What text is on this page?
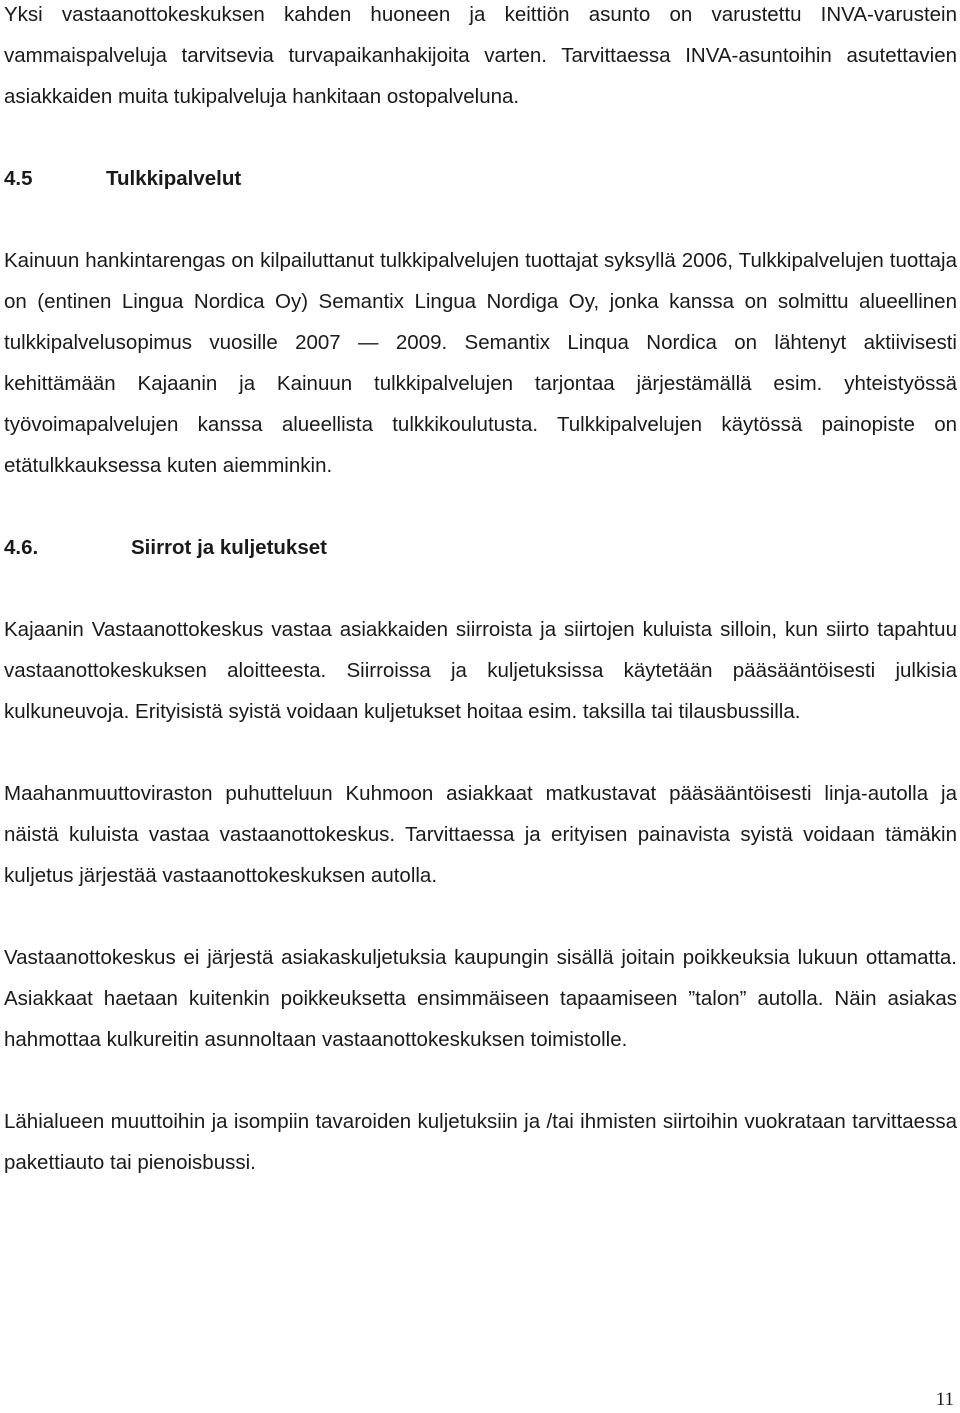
Yksi vastaanottokeskuksen kahden huoneen ja keittiön asunto on varustettu INVA-varustein vammaispalveluja tarvitsevia turvapaikanhakijoita varten. Tarvittaessa INVA-asuntoihin asutettavien asiakkaiden muita tukipalveluja hankitaan ostopalveluna.

4.5	Tulkkipalvelut

Kainuun hankintarengas on kilpailuttanut tulkkipalvelujen tuottajat syksyllä 2006, Tulkkipalvelujen tuottaja on (entinen Lingua Nordica Oy) Semantix Lingua Nordiga Oy, jonka kanssa on solmittu alueellinen tulkkipalvelusopimus vuosille 2007 — 2009. Semantix Linqua Nordica on lähtenyt aktiivisesti kehittämään Kajaanin ja Kainuun tulkkipalvelujen tarjontaa järjestämällä esim. yhteistyössä työvoimapalvelujen kanssa alueellista tulkkikoulutusta. Tulkkipalvelujen käytössä painopiste on etätulkkauksessa kuten aiemminkin.

4.6.	Siirrot ja kuljetukset

Kajaanin Vastaanottokeskus vastaa asiakkaiden siirroista ja siirtojen kuluista silloin, kun siirto tapahtuu vastaanottokeskuksen aloitteesta. Siirroissa ja kuljetuksissa käytetään pääsääntöisesti julkisia kulkuneuvoja. Erityisistä syistä voidaan kuljetukset hoitaa esim. taksilla tai tilausbussilla.

Maahanmuuttoviraston puhutteluun Kuhmoon asiakkaat matkustavat pääsääntöisesti linja-autolla ja näistä kuluista vastaa vastaanottokeskus. Tarvittaessa ja erityisen painavista syistä voidaan tämäkin kuljetus järjestää vastaanottokeskuksen autolla.

Vastaanottokeskus ei järjestä asiakaskuljetuksia kaupungin sisällä joitain poikkeuksia lukuun ottamatta. Asiakkaat haetaan kuitenkin poikkeuksetta ensimmäiseen tapaamiseen ”talon” autolla. Näin asiakas hahmottaa kulkureitin asunnoltaan vastaanottokeskuksen toimistolle.

Lähialueen muuttoihin ja isompiin tavaroiden kuljetuksiin ja /tai ihmisten siirtoihin vuokrataan tarvittaessa pakettiauto tai pienoisbussi.

11
